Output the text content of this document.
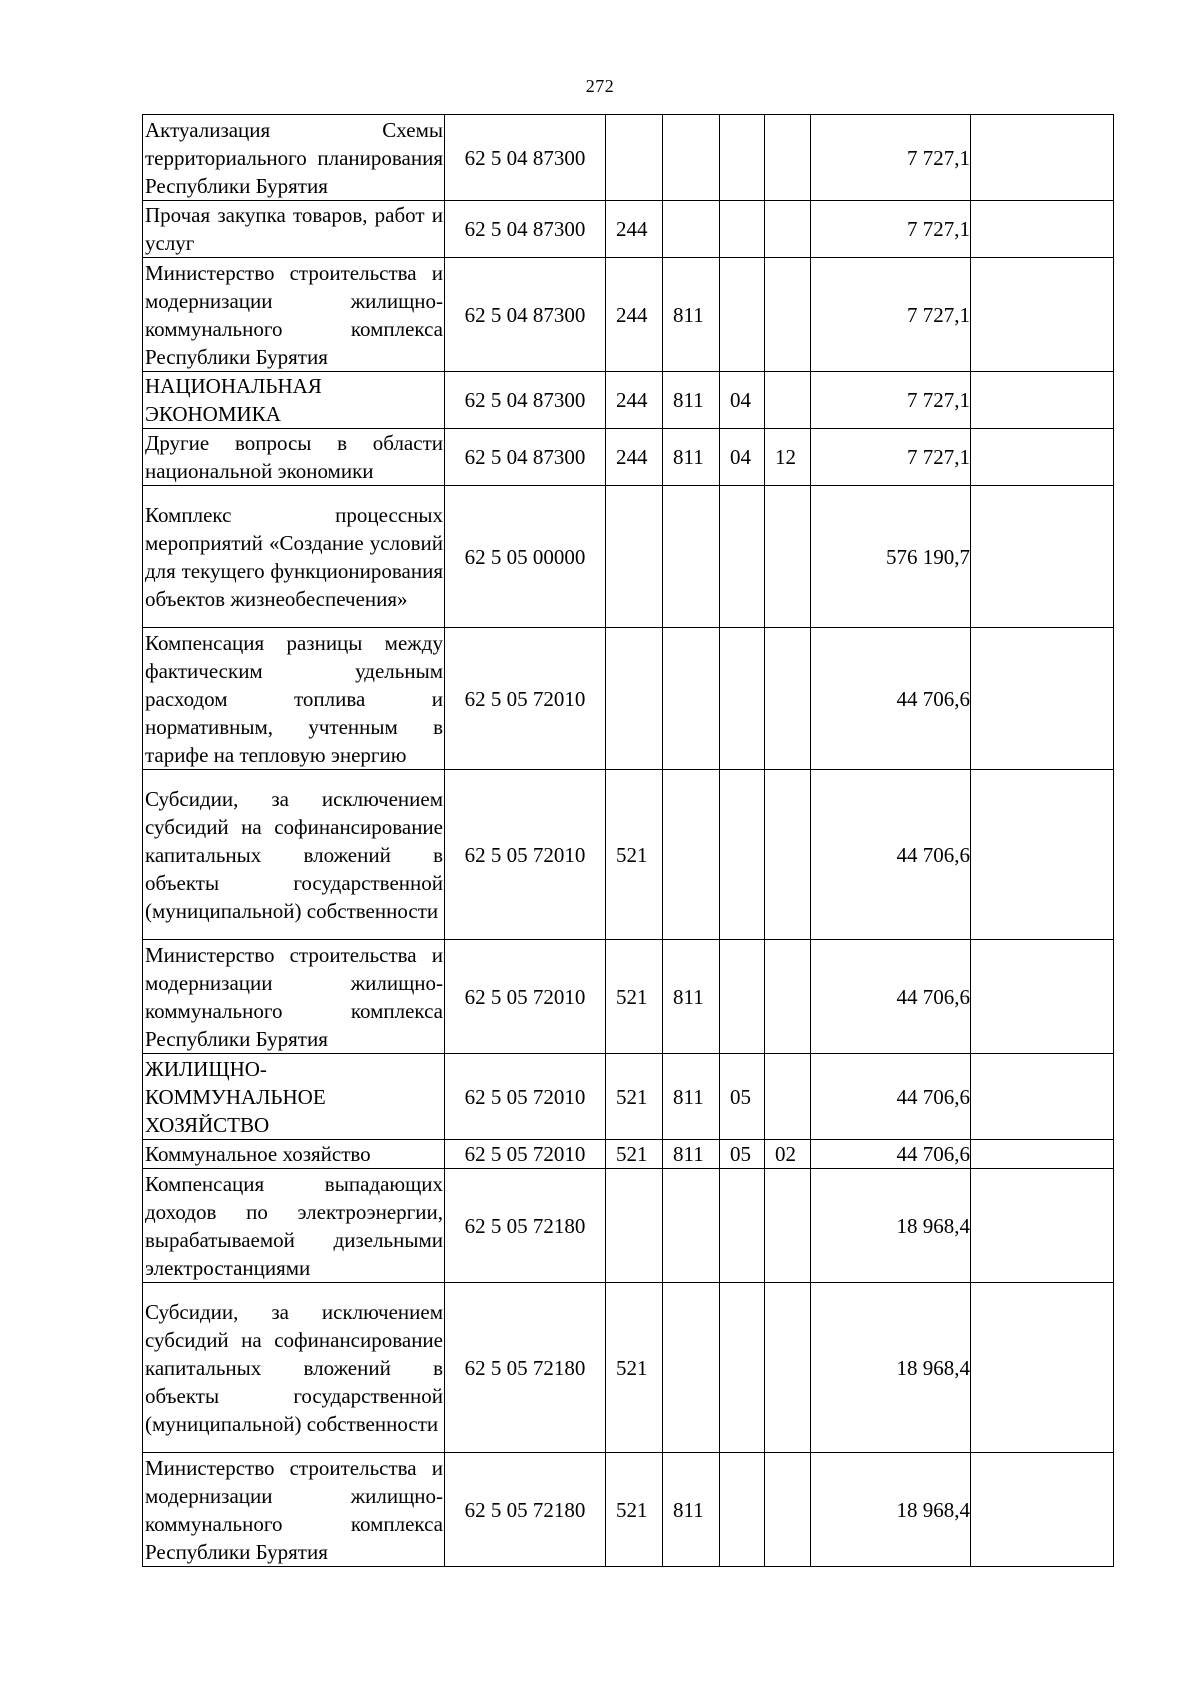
272
Актуализация Схемы территориального планирования Республики Бурятия	62 5 04 87300					7 727,1	

Прочая закупка товаров, работ и услуг	62 5 04 87300	244				7 727,1	

Министерство строительства и модернизации жилищно-коммунального комплекса Республики Бурятия	62 5 04 87300	244	811			7 727,1	

НАЦИОНАЛЬНАЯ ЭКОНОМИКА	62 5 04 87300	244	811	04		7 727,1	

Другие вопросы в области национальной экономики	62 5 04 87300	244	811	04	12	7 727,1	

Комплекс процессных мероприятий «Создание условий для текущего функционирования объектов жизнеобеспечения»	62 5 05 00000					576 190,7	

Компенсация разницы между фактическим удельным расходом топлива и нормативным, учтенным в тарифе на тепловую энергию	62 5 05 72010					44 706,6	

Субсидии, за исключением субсидий на софинансирование капитальных вложений в объекты государственной (муниципальной) собственности	62 5 05 72010	521				44 706,6	

Министерство строительства и модернизации жилищно-коммунального комплекса Республики Бурятия	62 5 05 72010	521	811			44 706,6	

ЖИЛИЩНО-КОММУНАЛЬНОЕ ХОЗЯЙСТВО	62 5 05 72010	521	811	05		44 706,6	

Коммунальное хозяйство	62 5 05 72010	521	811	05	02	44 706,6	

Компенсация выпадающих доходов по электроэнергии, вырабатываемой дизельными электростанциями	62 5 05 72180					18 968,4	

Субсидии, за исключением субсидий на софинансирование капитальных вложений в объекты государственной (муниципальной) собственности	62 5 05 72180	521				18 968,4	

Министерство строительства и модернизации жилищно-коммунального комплекса Республики Бурятия	62 5 05 72180	521	811			18 968,4	
